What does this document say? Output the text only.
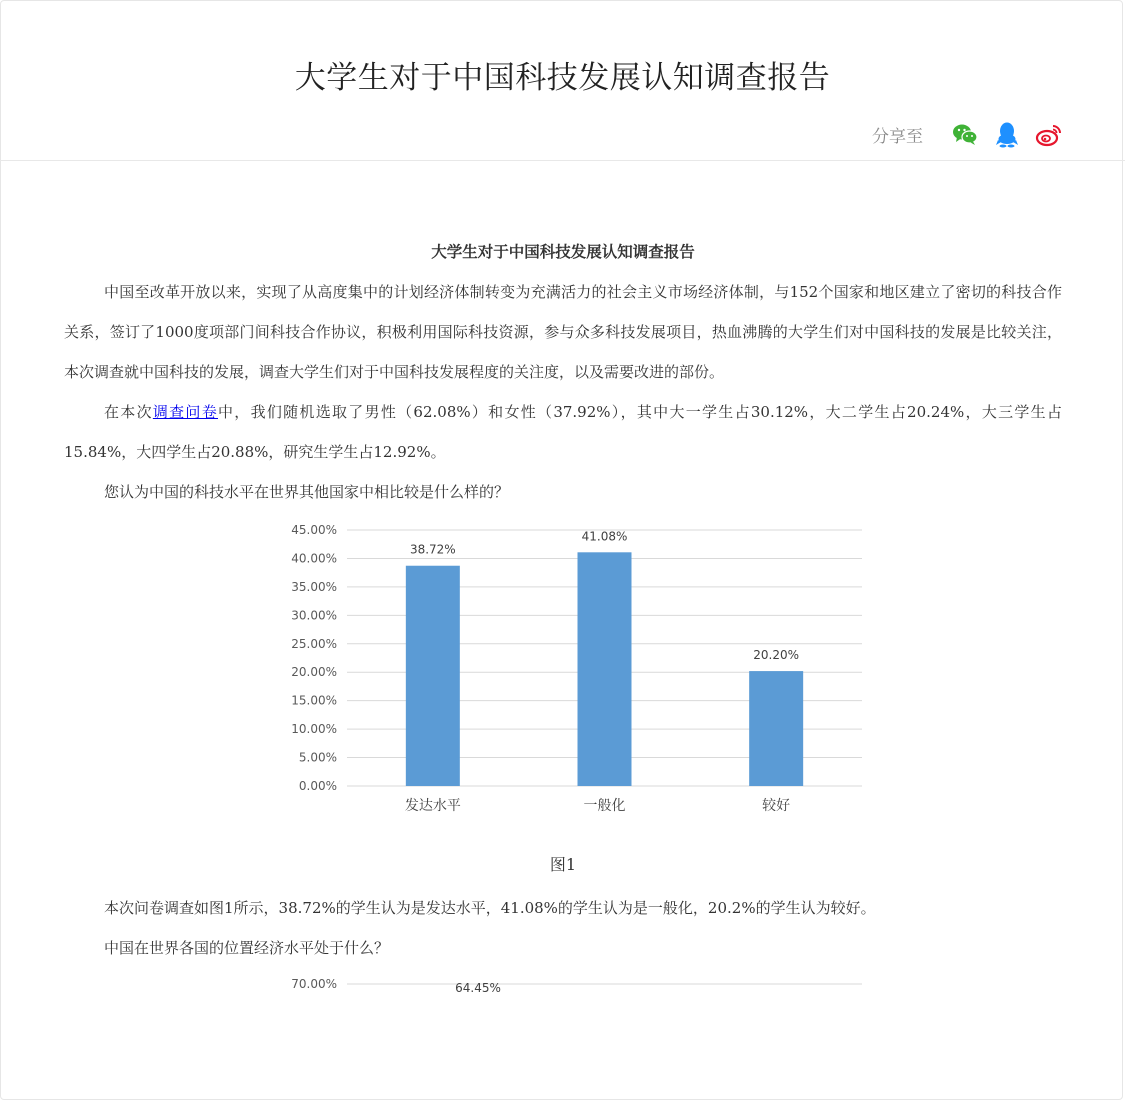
大学生对于中国科技发展认知调查报告
分享至
大学生对于中国科技发展认知调查报告

中国至改革开放以来，实现了从高度集中的计划经济体制转变为充满活力的社会主义市场经济体制，与152个国家和地区建立了密切的科技合作关系，签订了1000度项部门间科技合作协议，积极利用国际科技资源，参与众多科技发展项目，热血沸腾的大学生们对中国科技的发展是比较关注，本次调查就中国科技的发展，调查大学生们对于中国科技发展程度的关注度，以及需要改进的部份。

在本次调查问卷中，我们随机选取了男性（62.08%）和女性（37.92%），其中大一学生占30.12%，大二学生占20.24%，大三学生占15.84%，大四学生占20.88%，研究生学生占12.92%。

您认为中国的科技水平在世界其他国家中相比较是什么样的？

0.00%
5.00%
10.00%
15.00%
20.00%
25.00%
30.00%
35.00%
40.00%
45.00%
38.72%
发达水平
41.08%
一般化
20.20%
较好
图1

本次问卷调查如图1所示，38.72%的学生认为是发达水平，41.08%的学生认为是一般化，20.2%的学生认为较好。

中国在世界各国的位置经济水平处于什么？

70.00%	64.45%
